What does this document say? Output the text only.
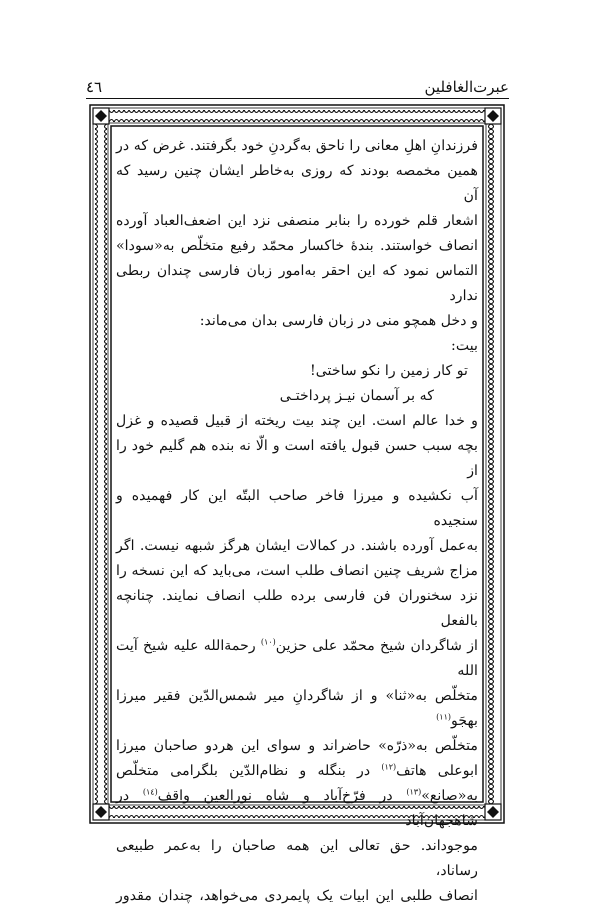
عبرت‌الغافلین
٤٦

فرزندانِ اهلِ معانی را ناحق به‌گردنِ خود بگرفتند. غرض که در

همین مخمصه بودند که روزی به‌خاطر ایشان چنین رسید که آن

اشعار قلم خورده را بنابر منصفی نزد این اضعف‌العباد آورده

انصاف خواستند. بندهٔ خاکسار محمّد رفیع متخلّص به«سودا»

التماس نمود که این احقر به‌امور زبان فارسی چندان ربطی ندارد

و دخل همچو منی در زبان فارسی بدان می‌ماند:

بیت:

تو کار زمین را نکو ساختی!

که بر آسمان نیـز پرداختـی

و خدا عالم است. این چند بیت ریخته از قبیل قصیده و غزل

بچه سبب حسن قبول یافته است و الّا نه بنده هم گلیم خود را از

آب نکشیده و میرزا فاخر صاحب البتّه این کار فهمیده و سنجیده

به‌عمل آورده باشند. در کمالات ایشان هرگز شبهه نیست. اگر

مزاج شریف چنین انصاف طلب است، می‌باید که این نسخه را

نزد سخنوران فن فارسی برده طلب انصاف نمایند. چنانچه بالفعل

از شاگردان شیخ محمّد علی حزین$^{(١٠)}$ رحمةالله علیه شیخ آیت الله

متخلّص به«ثنا» و از شاگردانِ میر شمس‌الدّین فقیر میرزا بهجَو$^{(١١)}$

متخلّص به«ذرّه» حاضراند و سوای این هردو صاحبان میرزا

ابوعلی هاتف$^{(١٢)}$ در بنگله و نظام‌الدّین بلگرامی متخلّص

به«صانع»$^{(١٣)}$ در فرّخ‌آباد و شاه نورالعین واقف$^{(١٤)}$ در شاهجهان‌آباد

موجوداند. حق تعالی این همه صاحبان را به‌عمر طبیعی رساناد،

انصاف طلبی این ابیات یک پایمردی می‌خواهد، چندان مقدور
